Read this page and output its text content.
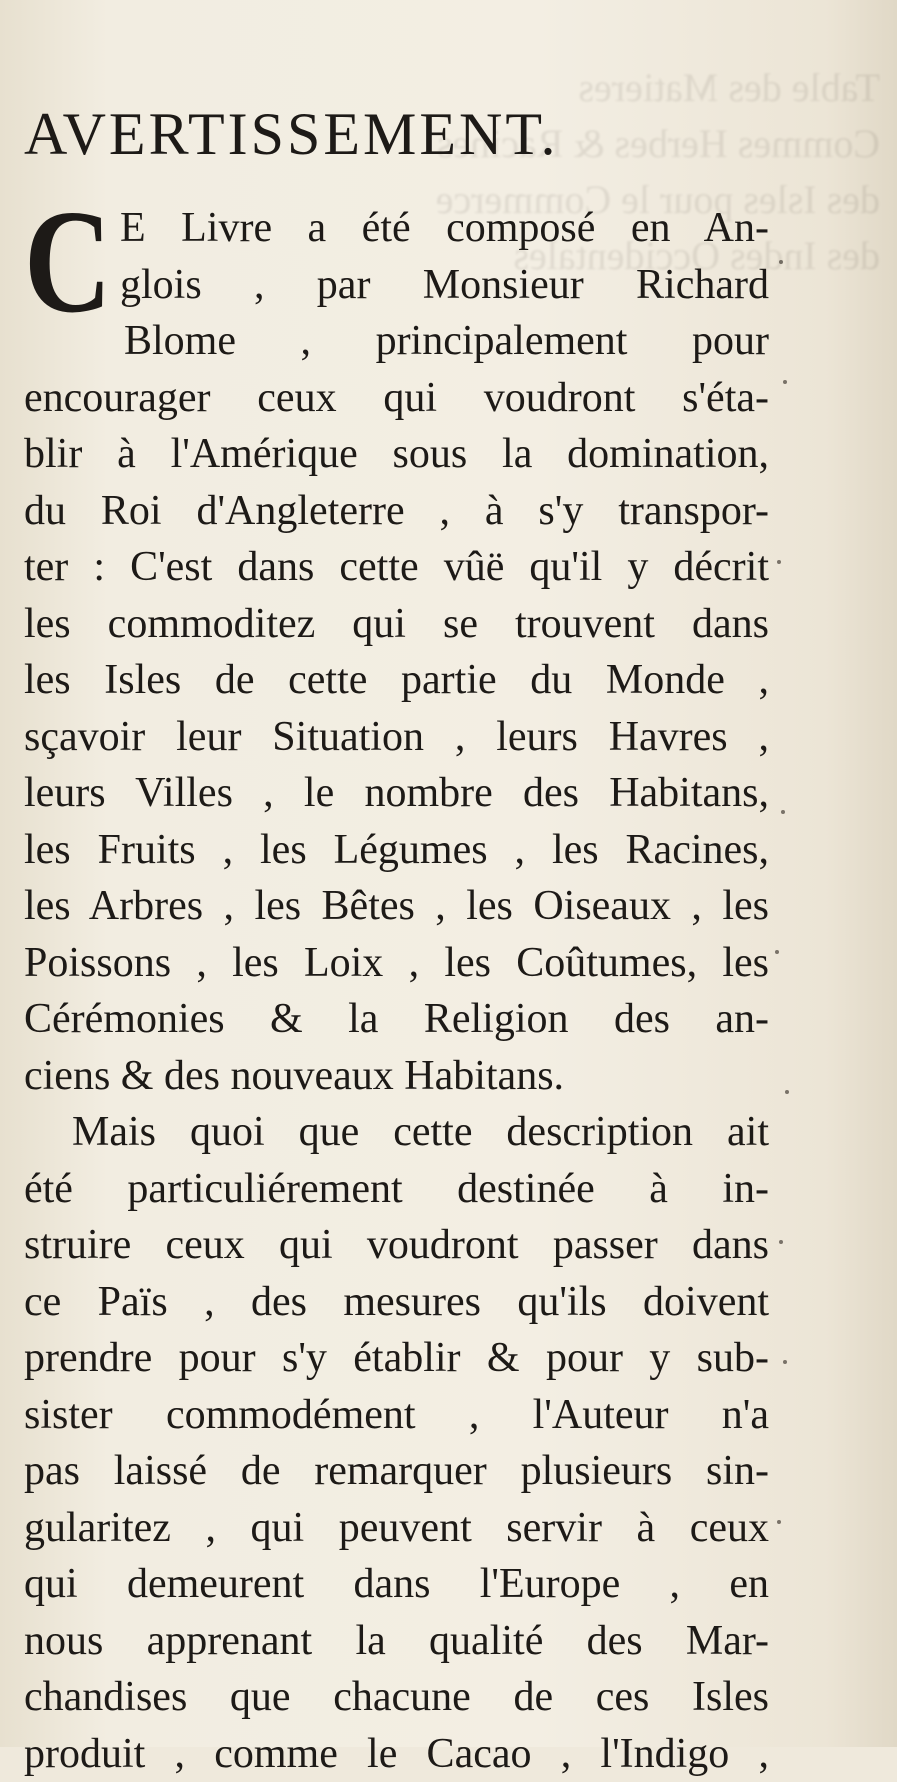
Table des Matieres
Commes Herbes & Racines
des Isles pour le Commerce
des Indes Occidentales
AVERTISSEMENT.
C E Livre a été composé en An-
glois , par Monsieur Richard
Blome , principalement pour
encourager ceux qui voudront s'éta-
blir à l'Amérique sous la domination,
du Roi d'Angleterre , à s'y transpor-
ter : C'est dans cette vûë qu'il y décrit
les commoditez qui se trouvent dans
les Isles de cette partie du Monde ,
sçavoir leur Situation , leurs Havres ,
leurs Villes , le nombre des Habitans,
les Fruits , les Légumes , les Racines,
les Arbres , les Bêtes , les Oiseaux , les
Poissons , les Loix , les Coûtumes, les
Cérémonies & la Religion des an-
ciens & des nouveaux Habitans.
Mais quoi que cette description ait
été particuliérement destinée à in-
struire ceux qui voudront passer dans
ce Païs , des mesures qu'ils doivent
prendre pour s'y établir & pour y sub-
sister commodément , l'Auteur n'a
pas laissé de remarquer plusieurs sin-
gularitez , qui peuvent servir à ceux
qui demeurent dans l'Europe , en
nous apprenant la qualité des Mar-
chandises que chacune de ces Isles
produit , comme le Cacao , l'Indigo ,
